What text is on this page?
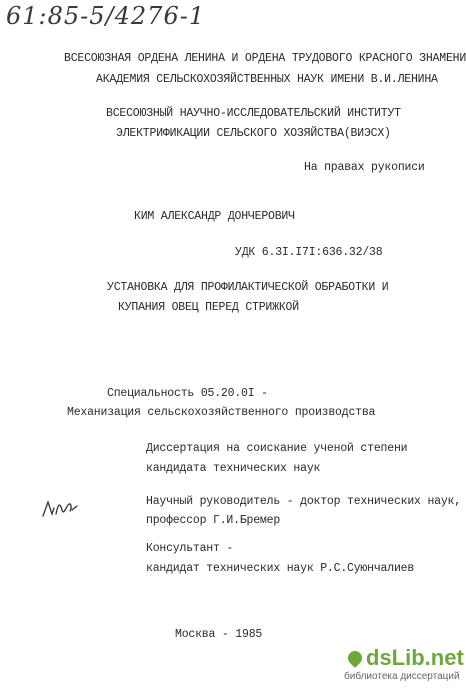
61:85-5/4276-1
ВСЕСОЮЗНАЯ ОРДЕНА ЛЕНИНА И ОРДЕНА ТРУДОВОГО КРАСНОГО ЗНАМЕНИ
АКАДЕМИЯ СЕЛЬСКОХОЗЯЙСТВЕННЫХ НАУК ИМЕНИ В.И.ЛЕНИНА
ВСЕСОЮЗНЫЙ НАУЧНО-ИССЛЕДОВАТЕЛЬСКИЙ ИНСТИТУТ
ЭЛЕКТРИФИКАЦИИ СЕЛЬСКОГО ХОЗЯЙСТВА(ВИЭСХ)
На правах рукописи
КИМ АЛЕКСАНДР ДОНЧЕРОВИЧ
УДК 6.3I.I7I:636.32/38
УСТАНОВКА ДЛЯ ПРОФИЛАКТИЧЕСКОЙ ОБРАБОТКИ И
КУПАНИЯ ОВЕЦ ПЕРЕД СТРИЖКОЙ
Специальность 05.20.0I -
Механизация сельскохозяйственного производства
Диссертация на соискание ученой степени
кандидата технических наук
Научный руководитель - доктор технических наук,
профессор Г.И.Бремер
Консультант -
кандидат технических наук Р.С.Суюнчалиев
Москва - 1985
dsLib.net
библиотека диссертаций
